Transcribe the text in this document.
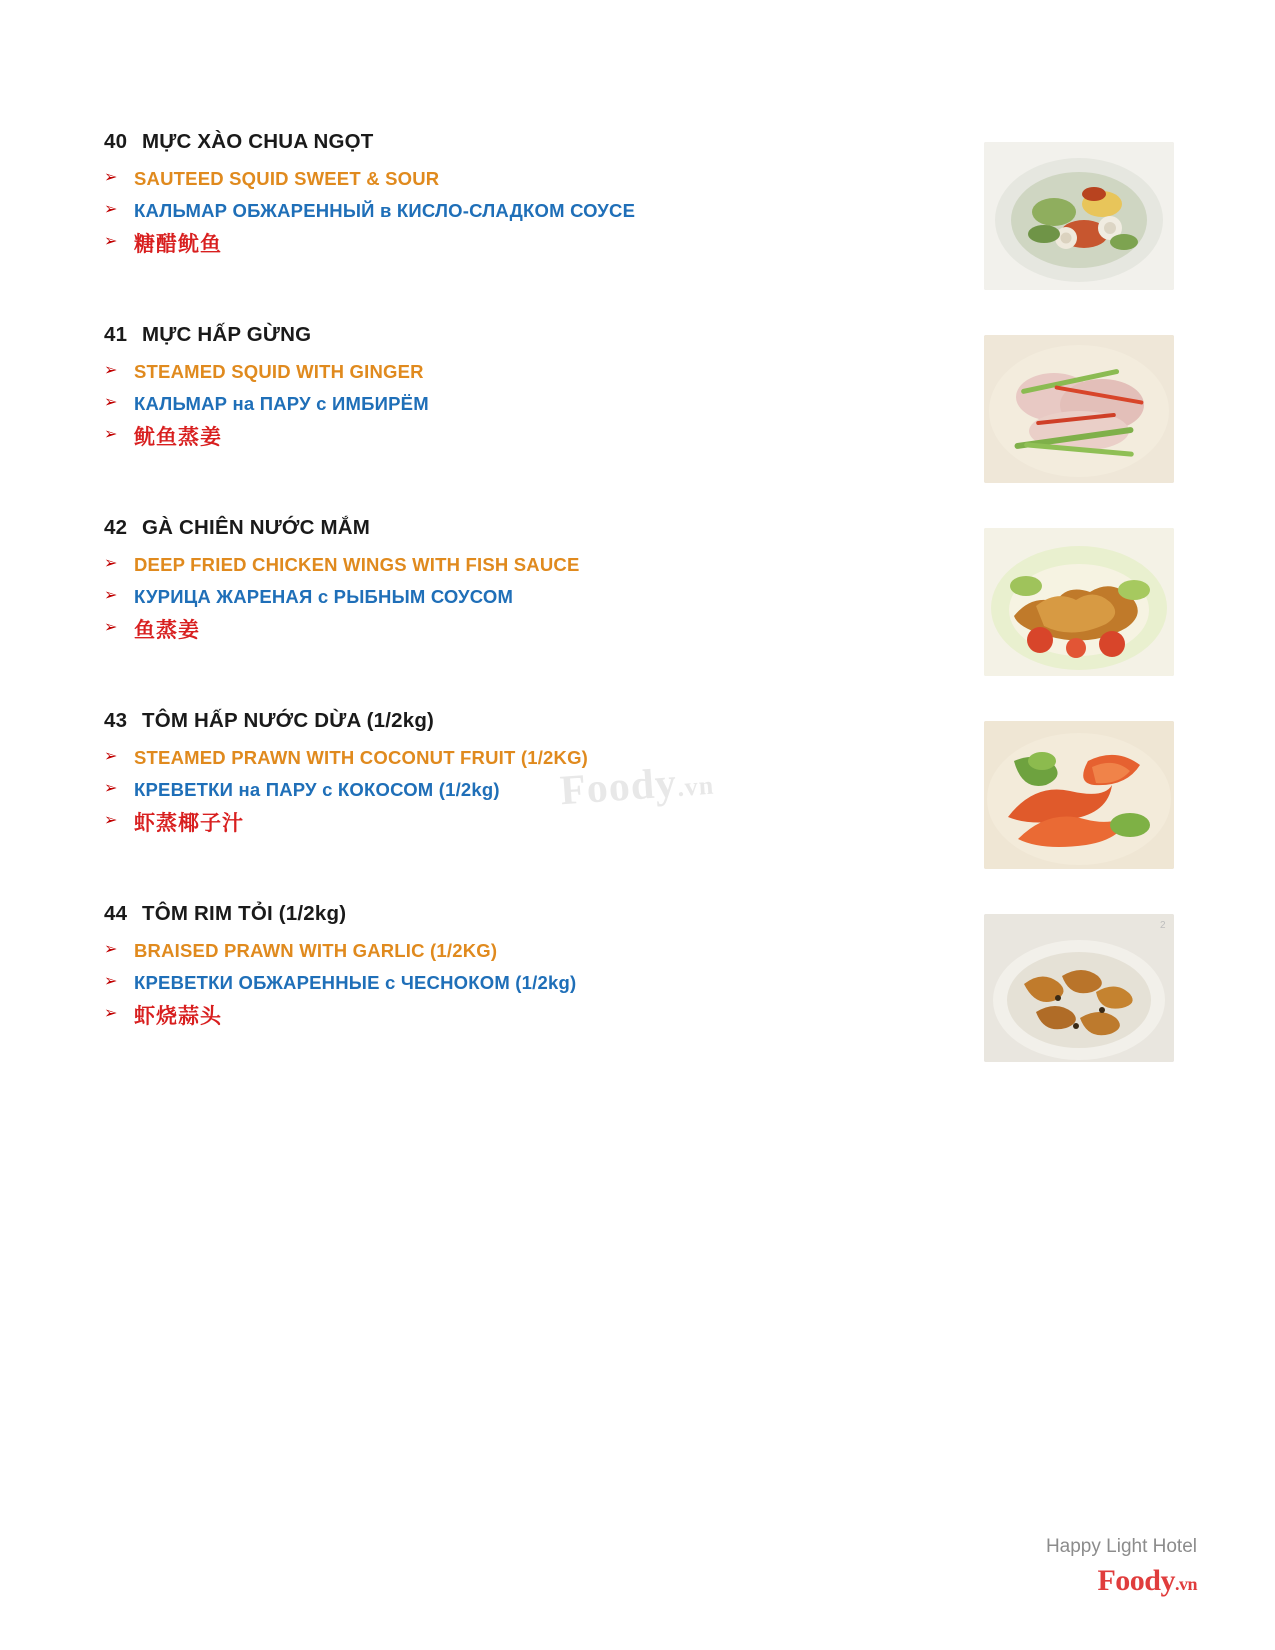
40 MỰC XÀO CHUA NGỌT
➢ SAUTEED SQUID SWEET & SOUR
➢ КАЛЬМАР ОБЖАРЕННЫЙ в КИСЛО-СЛАДКОМ СОУСЕ
➢ 糖醋鱿鱼
41 MỰC HẤP GỪNG
➢ STEAMED SQUID WITH GINGER
➢ КАЛЬМАР на ПАРУ с ИМБИРЁМ
➢ 鱿鱼蒸姜
42 GÀ CHIÊN NƯỚC MẮM
➢ DEEP FRIED CHICKEN WINGS WITH FISH SAUCE
➢ КУРИЦА ЖАРЕНАЯ с РЫБНЫМ СОУСОМ
➢ 鱼蒸姜
43 TÔM HẤP NƯỚC DỪA (1/2kg)
➢ STEAMED PRAWN WITH COCONUT FRUIT (1/2KG)
➢ КРЕВЕТКИ на ПАРУ с КОКОСОМ (1/2kg)
➢ 虾蒸椰子汁
44 TÔM RIM TỎI (1/2kg)
➢ BRAISED PRAWN WITH GARLIC (1/2KG)
➢ КРЕВЕТКИ ОБЖАРЕННЫЕ с ЧЕСНОКОМ (1/2kg)
➢ 虾烧蒜头
2
Foody.vn
Happy Light Hotel
Foody.vn
